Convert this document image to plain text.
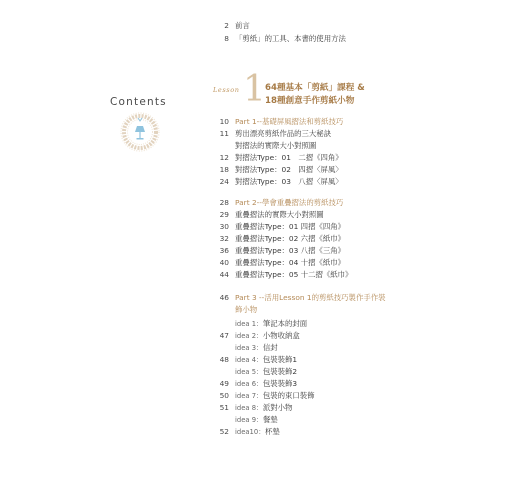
Contents
2 前言
8 「剪紙」的工具、本書的使用方法
Lesson 1 64種基本「剪紙」課程 &
18種創意手作剪紙小物
10 Part 1--基礎屏風摺法和剪紙技巧
11 剪出漂亮剪紙作品的三大秘訣
對摺法的實際大小對照圖
12 對摺法Type：01　二摺《四角》
18 對摺法Type：02　四摺〈屏風〉
24 對摺法Type：03　八摺〈屏風〉
28 Part 2--學會重疊摺法的剪紙技巧
29 重疊摺法的實際大小對照圖
30 重疊摺法Type：01 四摺《四角》
32 重疊摺法Type：02 六摺《紙巾》
36 重疊摺法Type：03 八摺《三角》
40 重疊摺法Type：04 十摺《紙巾》
44 重疊摺法Type：05 十二摺《紙巾》
46 Part 3 --活用Lesson 1的剪紙技巧製作手作裝
飾小物
idea 1：筆記本的封面
47 idea 2：小物收納盒
idea 3：信封
48 idea 4：包裝裝飾1
idea 5：包裝裝飾2
49 idea 6：包裝裝飾3
50 idea 7：包裝的束口裝飾
51 idea 8：派對小物
idea 9：餐墊
52 idea10：杯墊
